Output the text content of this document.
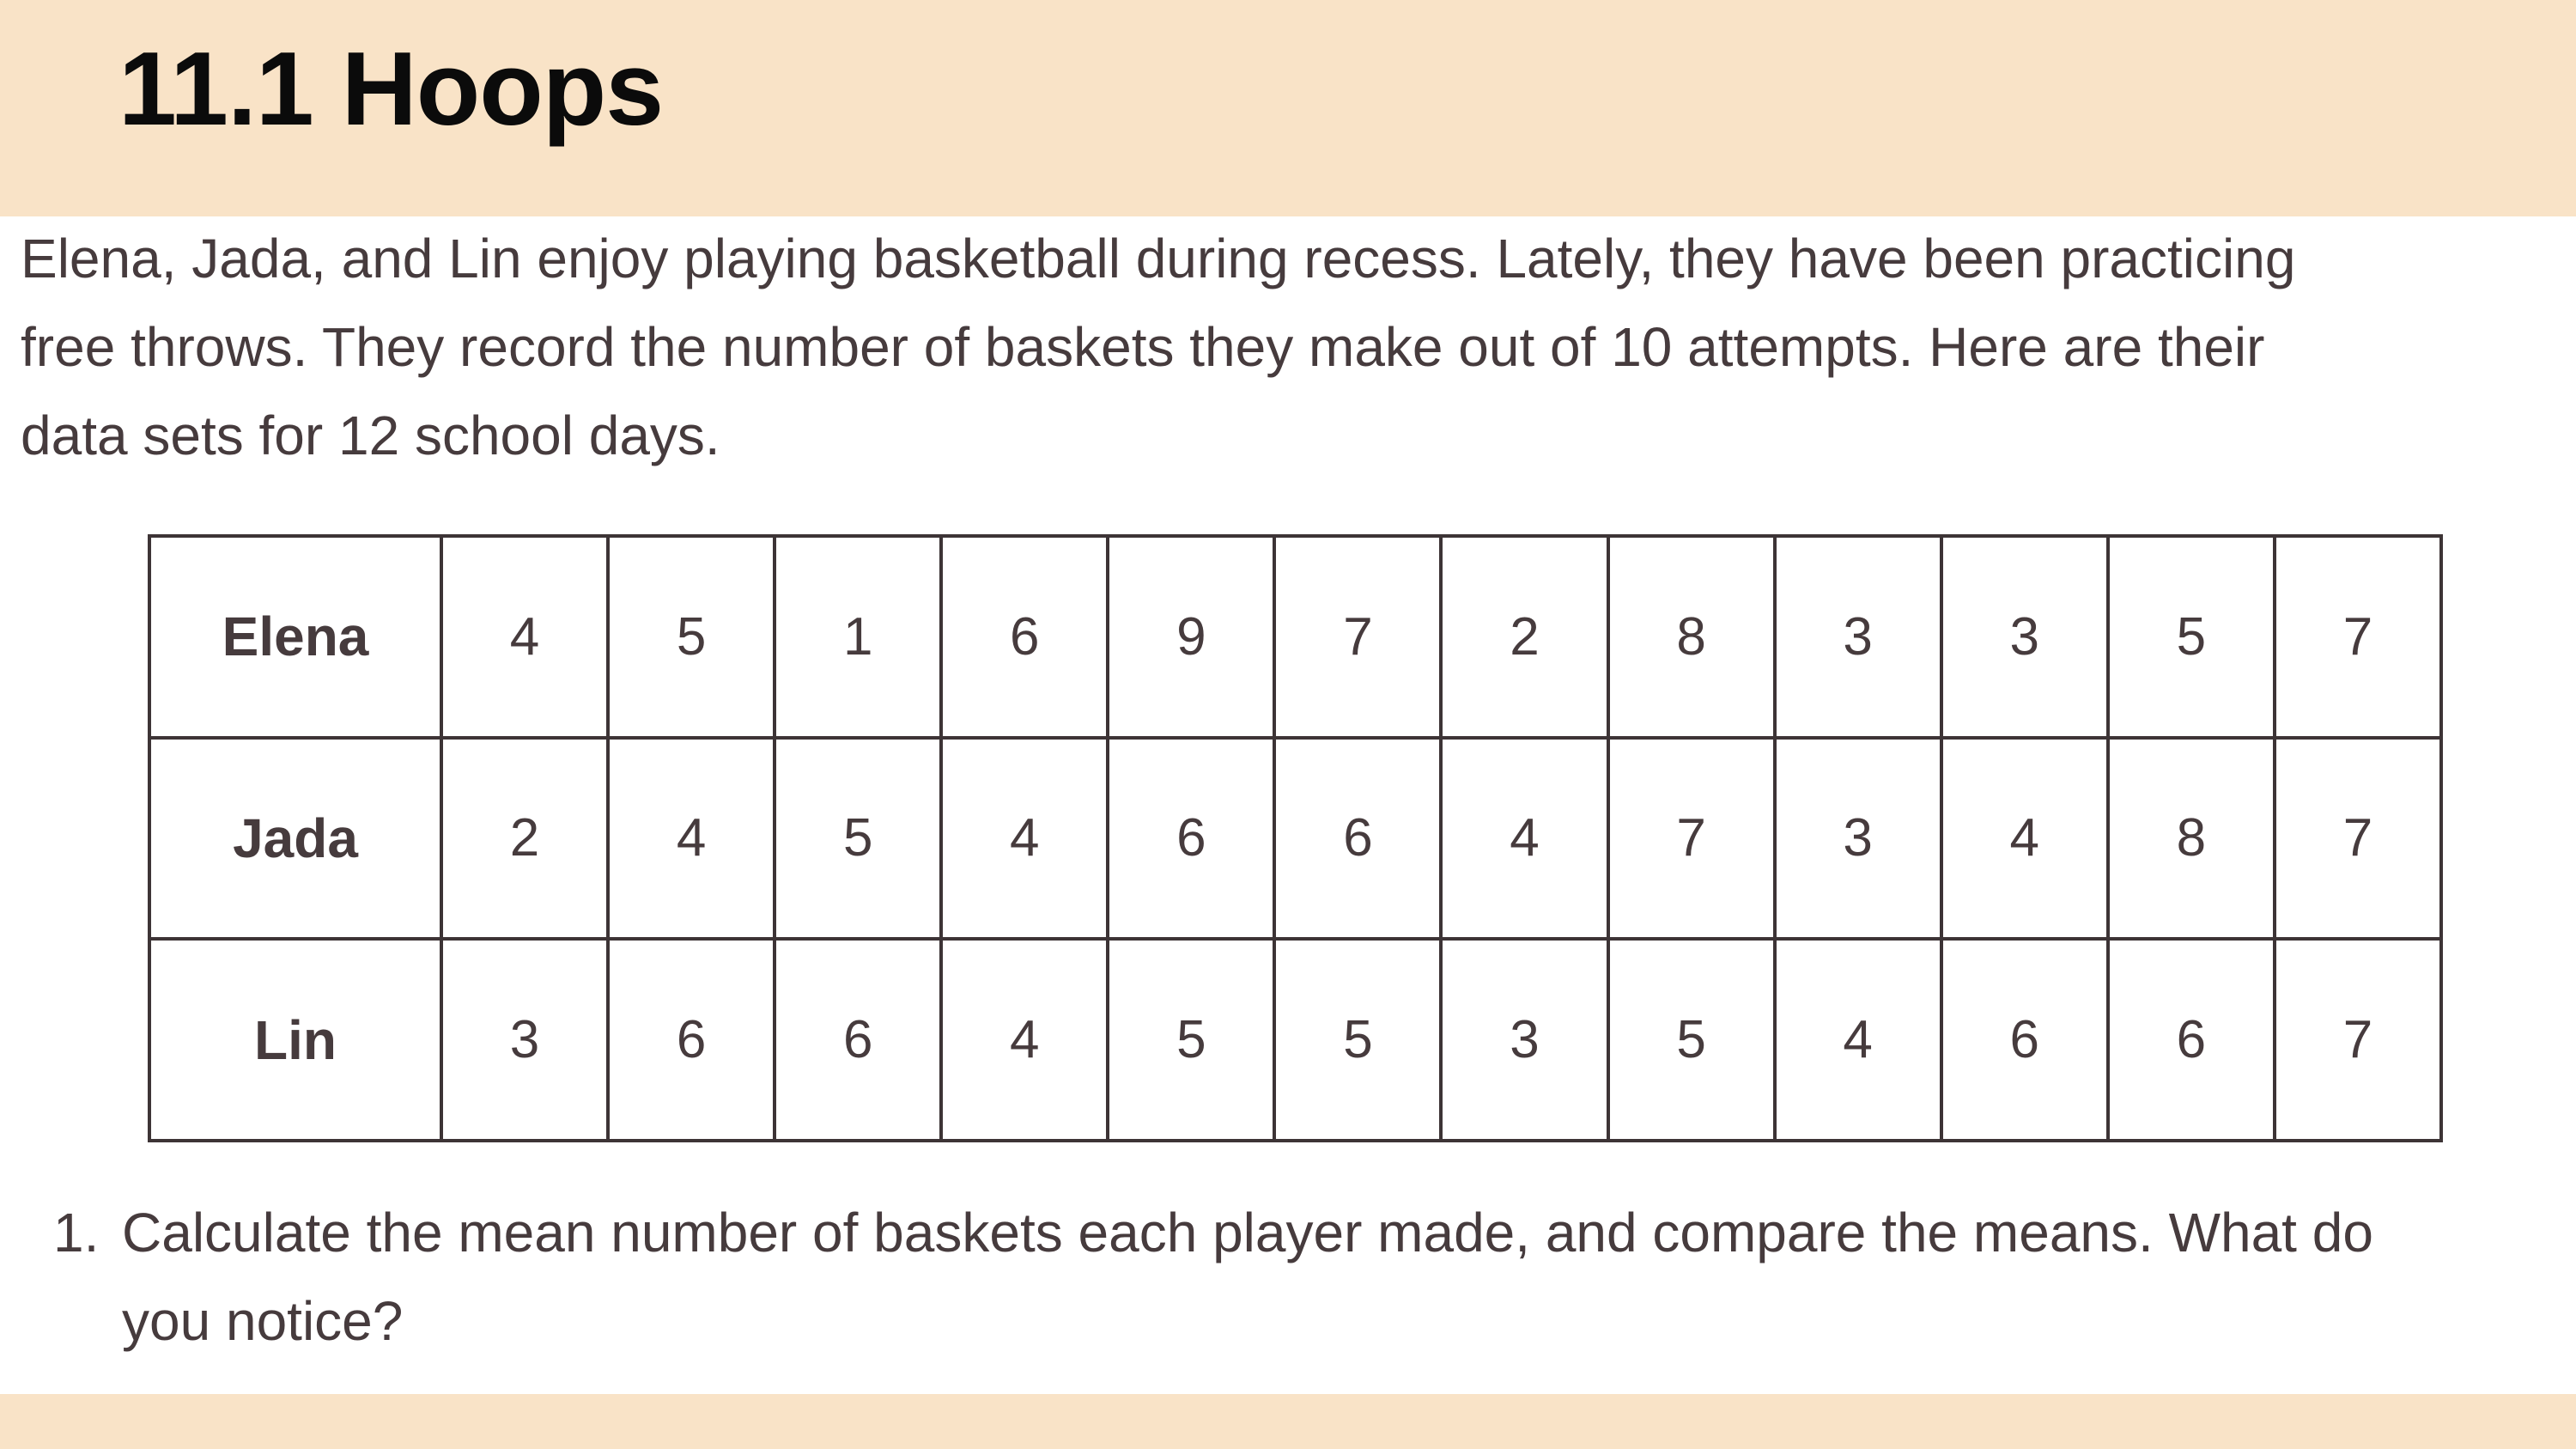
11.1 Hoops

Elena, Jada, and Lin enjoy playing basketball during recess. Lately, they have been practicing

free throws. They record the number of baskets they make out of 10 attempts. Here are their

data sets for 12 school days.

Elena	4	5	1	6	9	7	2	8	3	3	5	7
Jada	2	4	5	4	6	6	4	7	3	4	8	7
Lin	3	6	6	4	5	5	3	5	4	6	6	7
1. Calculate the mean number of baskets each player made, and compare the means. What do
you notice?
